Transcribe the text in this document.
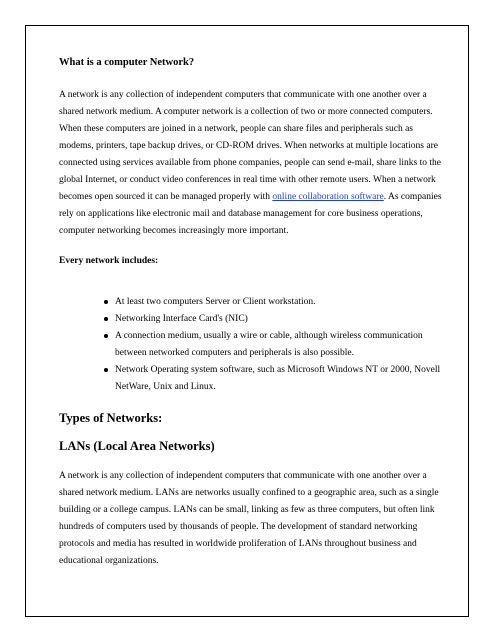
What is a computer Network?

A network is any collection of independent computers that communicate with one another over a shared network medium. A computer network is a collection of two or more connected computers. When these computers are joined in a network, people can share files and peripherals such as modems, printers, tape backup drives, or CD-ROM drives. When networks at multiple locations are connected using services available from phone companies, people can send e-mail, share links to the global Internet, or conduct video conferences in real time with other remote users. When a network becomes open sourced it can be managed properly with online collaboration software. As companies rely on applications like electronic mail and database management for core business operations, computer networking becomes increasingly more important.

Every network includes:
At least two computers Server or Client workstation.
Networking Interface Card's (NIC)
A connection medium, usually a wire or cable, although wireless communication between networked computers and peripherals is also possible.
Network Operating system software, such as Microsoft Windows NT or 2000, Novell NetWare, Unix and Linux.
Types of Networks:
LANs (Local Area Networks)

A network is any collection of independent computers that communicate with one another over a shared network medium. LANs are networks usually confined to a geographic area, such as a single building or a college campus. LANs can be small, linking as few as three computers, but often link hundreds of computers used by thousands of people. The development of standard networking protocols and media has resulted in worldwide proliferation of LANs throughout business and educational organizations.
